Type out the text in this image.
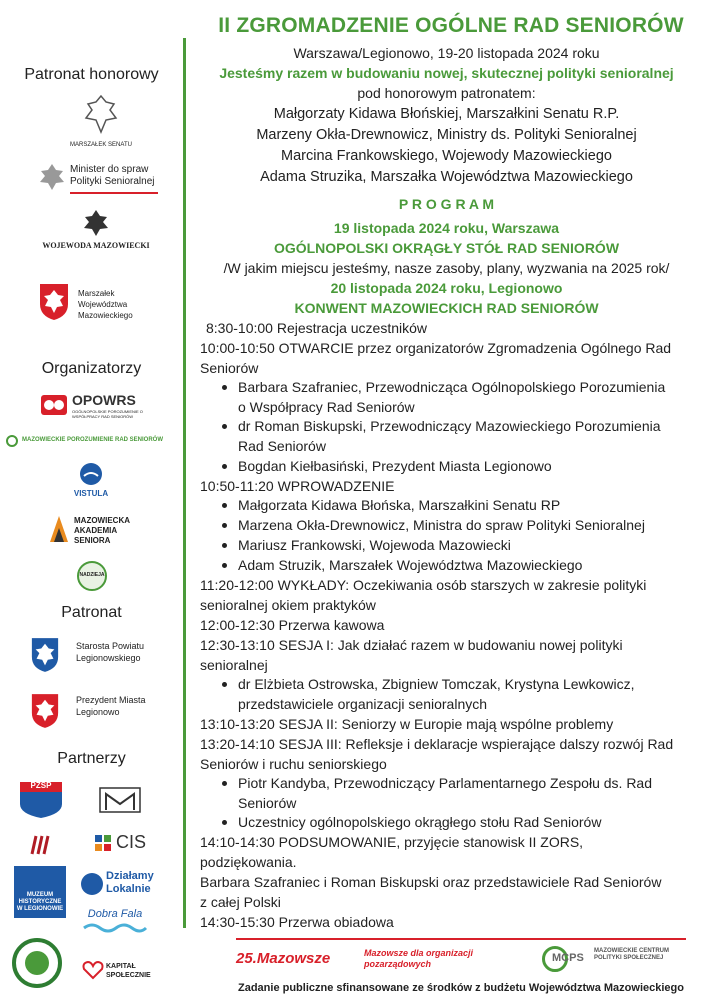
Patronat honorowy
MARSZAŁEK SENATU
Minister do spraw Polityki Senioralnej
WOJEWODA MAZOWIECKI
Marszałek Województwa Mazowieckiego
Organizatorzy
OPOWRS
OGÓLNOPOLSKIE POROZUMIENIE O WSPÓŁPRACY RAD SENIORÓW
MAZOWIECKIE POROZUMIENIE RAD SENIORÓW
VISTULA
MAZOWIECKA AKADEMIA SENIORA
NADZIEJA
Patronat
Starosta Powiatu Legionowskiego
Prezydent Miasta Legionowo
Partnerzy
PZSP
CIS
MUZEUM HISTORYCZNE W LEGIONOWIE
Działamy Lokalnie
Dobra Fala
KAPITAŁ SPOŁECZNIE
II ZGROMADZENIE OGÓLNE RAD SENIORÓW
Warszawa/Legionowo, 19-20 listopada 2024 roku
Jesteśmy razem w budowaniu nowej, skutecznej polityki senioralnej
pod honorowym patronatem:
Małgorzaty Kidawa Błońskiej, Marszałkini Senatu R.P.
Marzeny Okła-Drewnowicz, Ministry ds. Polityki Senioralnej
Marcina Frankowskiego, Wojewody Mazowieckiego
Adama Struzika, Marszałka Województwa Mazowieckiego
P R O G R A M
19 listopada 2024 roku, Warszawa
OGÓLNOPOLSKI OKRĄGŁY STÓŁ RAD SENIORÓW
/W jakim miejscu jesteśmy, nasze zasoby, plany, wyzwania na 2025 rok/
20 listopada 2024 roku, Legionowo
KONWENT MAZOWIECKICH RAD SENIORÓW
8:30-10:00 Rejestracja uczestników
10:00-10:50 OTWARCIE przez organizatorów Zgromadzenia Ogólnego Rad
Seniorów
Barbara Szafraniec, Przewodnicząca Ogólnopolskiego Porozumienia
o Współpracy Rad Seniorów
dr Roman Biskupski, Przewodniczący Mazowieckiego Porozumienia
Rad Seniorów
Bogdan Kiełbasiński, Prezydent Miasta Legionowo
10:50-11:20 WPROWADZENIE
Małgorzata Kidawa Błońska, Marszałkini Senatu RP
Marzena Okła-Drewnowicz, Ministra do spraw Polityki Senioralnej
Mariusz Frankowski, Wojewoda Mazowiecki
Adam Struzik, Marszałek Województwa Mazowieckiego
11:20-12:00 WYKŁADY: Oczekiwania osób starszych w zakresie polityki
senioralnej okiem praktyków
12:00-12:30 Przerwa kawowa
12:30-13:10 SESJA I: Jak działać razem w budowaniu nowej polityki
senioralnej
dr Elżbieta Ostrowska, Zbigniew Tomczak, Krystyna Lewkowicz,
przedstawiciele organizacji senioralnych
13:10-13:20 SESJA II: Seniorzy w Europie mają wspólne problemy
13:20-14:10 SESJA III: Refleksje i deklaracje wspierające dalszy rozwój Rad
Seniorów i ruchu seniorskiego
Piotr Kandyba, Przewodniczący Parlamentarnego Zespołu ds. Rad
Seniorów
Uczestnicy ogólnopolskiego okrągłego stołu Rad Seniorów
14:10-14:30 PODSUMOWANIE, przyjęcie stanowisk II ZORS,
podziękowania.
Barbara Szafraniec i Roman Biskupski oraz przedstawiciele Rad Seniorów
z całej Polski
14:30-15:30 Przerwa obiadowa
25.Mazowsze	Mazowsze dla organizacji pozarządowych	MCPS
MAZOWIECKIE CENTRUM POLITYKI SPOŁECZNEJ
Zadanie publiczne sfinansowane ze środków z budżetu Województwa Mazowieckiego
